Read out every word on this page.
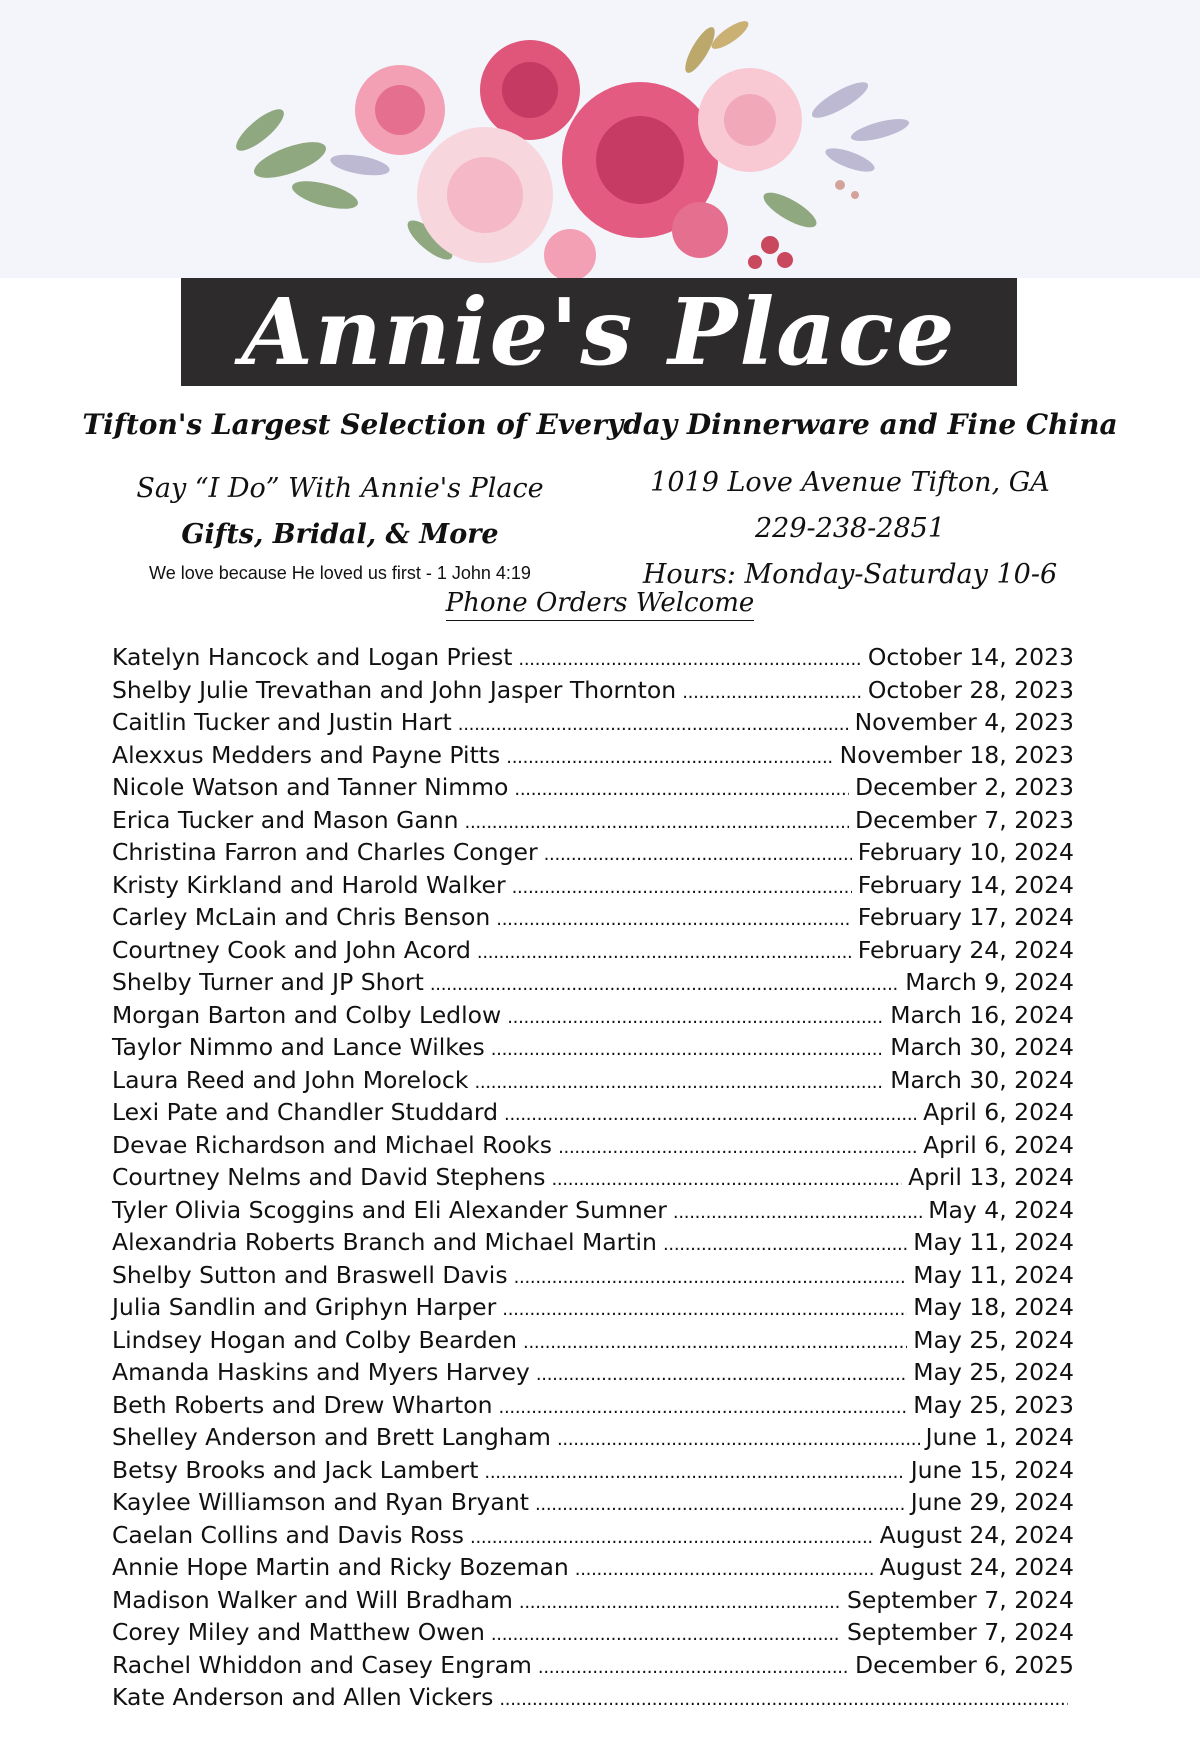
Annie's Place
Tifton's Largest Selection of Everyday Dinnerware and Fine China
Say “I Do” With Annie's Place
Gifts, Bridal, & More
We love because He loved us first - 1 John 4:19
1019 Love Avenue Tifton, GA
229-238-2851
Hours: Monday-Saturday 10-6
Phone Orders Welcome
Katelyn Hancock and Logan Priest . . .	October 14, 2023
Shelby Julie Trevathan and John Jasper Thornton . . .	October 28, 2023
Caitlin Tucker and Justin Hart . . .	November 4, 2023
Alexxus Medders and Payne Pitts . . .	November 18, 2023
Nicole Watson and Tanner Nimmo . . .	December 2, 2023
Erica Tucker and Mason Gann . . .	December 7, 2023
Christina Farron and Charles Conger . . .	February 10, 2024
Kristy Kirkland and Harold Walker . . .	February 14, 2024
Carley McLain and Chris Benson . . .	February 17, 2024
Courtney Cook and John Acord . . .	February 24, 2024
Shelby Turner and JP Short . . .	March 9, 2024
Morgan Barton and Colby Ledlow . . .	March 16, 2024
Taylor Nimmo and Lance Wilkes . . .	March 30, 2024
Laura Reed and John Morelock . . .	March 30, 2024
Lexi Pate and Chandler Studdard . . .	April 6, 2024
Devae Richardson and Michael Rooks . . .	April 6, 2024
Courtney Nelms and David Stephens . . .	April 13, 2024
Tyler Olivia Scoggins and Eli Alexander Sumner . . .	May 4, 2024
Alexandria Roberts Branch and Michael Martin . . .	May 11, 2024
Shelby Sutton and Braswell Davis . . .	May 11, 2024
Julia Sandlin and Griphyn Harper . . .	May 18, 2024
Lindsey Hogan and Colby Bearden . . .	May 25, 2024
Amanda Haskins and Myers Harvey . . .	May 25, 2024
Beth Roberts and Drew Wharton . . .	May 25, 2023
Shelley Anderson and Brett Langham . . .	June 1, 2024
Betsy Brooks and Jack Lambert . . .	June 15, 2024
Kaylee Williamson and Ryan Bryant . . .	June 29, 2024
Caelan Collins and Davis Ross . . .	August 24, 2024
Annie Hope Martin and Ricky Bozeman . . .	August 24, 2024
Madison Walker and Will Bradham . . .	September 7, 2024
Corey Miley and Matthew Owen . . .	September 7, 2024
Rachel Whiddon and Casey Engram . . .	December 6, 2025
Kate Anderson and Allen Vickers
. . .
